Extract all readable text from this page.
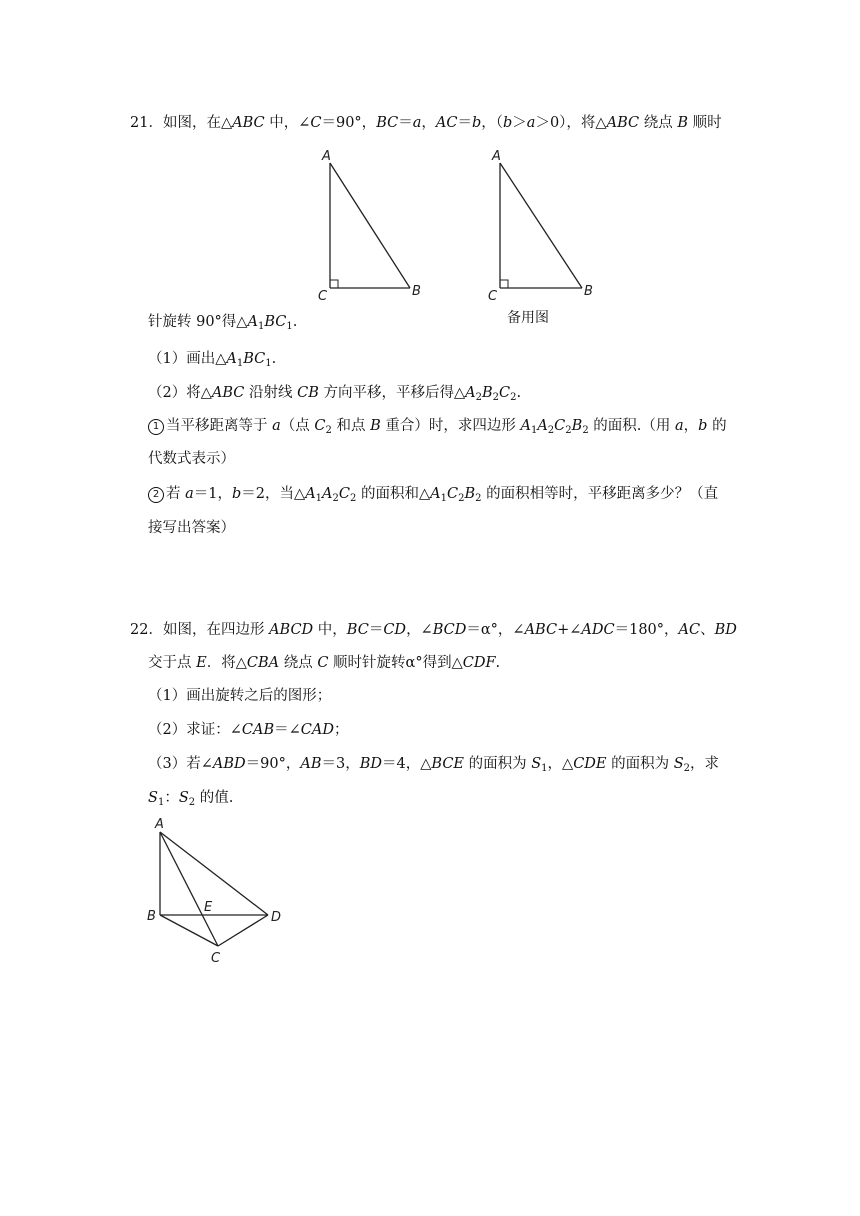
21．如图，在△ABC 中，∠C＝90°，BC＝a，AC＝b，（b＞a＞0），将△ABC 绕点 B 顺时
A
C	B
A
C	B
备用图
针旋转 90°得$\triangle A_1BC_1$.
（1）画出$\triangle A_1BC_1$.
（2）将△ABC 沿射线 CB 方向平移，平移后得$\triangle A_2B_2C_2$.
1 当平移距离等于 a（点 $C_2$ 和点 B 重合）时，求四边形 $A_1A_2C_2B_2$ 的面积.（用 a，b 的
代数式表示）
2 若 a＝1，b＝2，当$\triangle A_1A_2C_2$ 的面积和$\triangle A_1C_2B_2$ 的面积相等时，平移距离多少？（直
接写出答案）
22．如图，在四边形 ABCD 中，BC＝CD，∠BCD＝α°，∠ABC+∠ADC＝180°，AC、BD
交于点 E．将△CBA 绕点 C 顺时针旋转α°得到△CDF.
（1）画出旋转之后的图形；
（2）求证：∠CAB＝∠CAD；
（3）若∠ABD＝90°，AB＝3，BD＝4，△BCE 的面积为 $S_1$，△CDE 的面积为 $S_2$，求
$S_1$：$S_2$ 的值.
A
B
E
D
C
